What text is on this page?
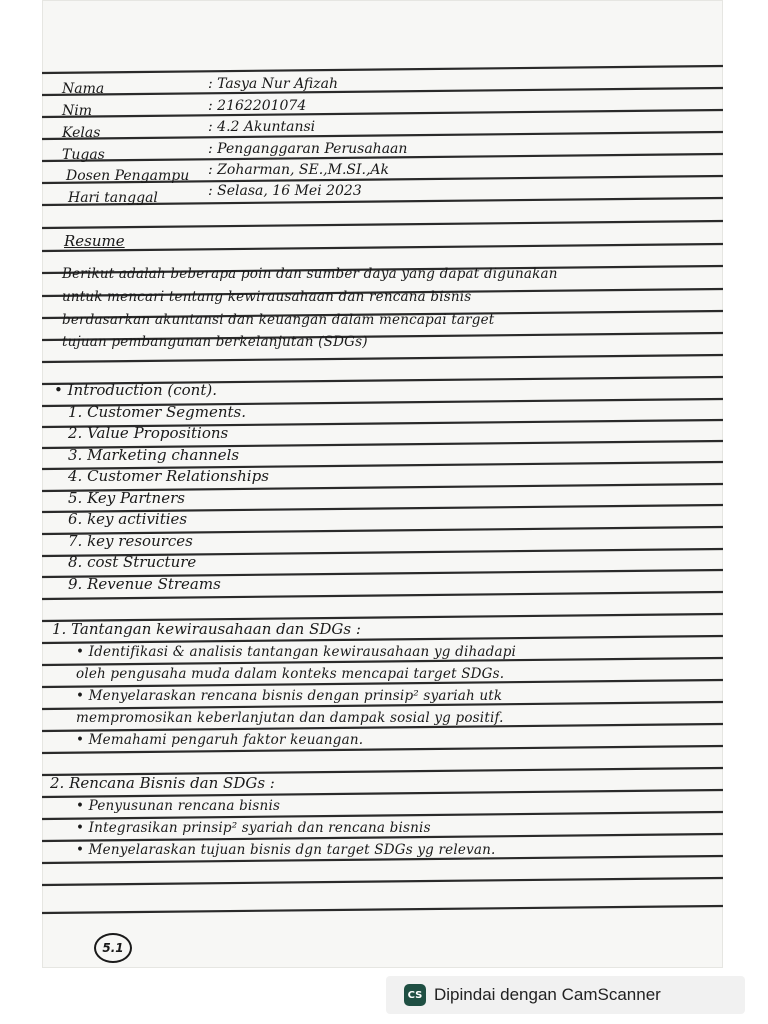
Nama	: Tasya Nur Afizah
Nim	: 2162201074
Kelas	: 4.2 Akuntansi
Tugas	: Penganggaran Perusahaan
Dosen Pengampu : Zoharman, SE.,M.SI.,Ak
Hari tanggal	: Selasa, 16 Mei 2023
Resume
Berikut adalah beberapa poin dan sumber daya yang dapat digunakan
untuk mencari tentang kewirausahaan dan rencana bisnis
berdasarkan akuntansi dan keuangan dalam mencapai target
tujuan pembangunan berkelanjutan (SDGs)
• Introduction (cont).
1. Customer Segments.
2. Value Propositions
3. Marketing channels
4. Customer Relationships
5. Key Partners
6. key activities
7. key resources
8. cost Structure
9. Revenue Streams
1. Tantangan kewirausahaan dan SDGs :
• Identifikasi & analisis tantangan kewirausahaan yg dihadapi
oleh pengusaha muda dalam konteks mencapai target SDGs.
• Menyelaraskan rencana bisnis dengan prinsip² syariah utk
mempromosikan keberlanjutan dan dampak sosial yg positif.
• Memahami pengaruh faktor keuangan.
2. Rencana Bisnis dan SDGs :
• Penyusunan rencana bisnis
• Integrasikan prinsip² syariah dan rencana bisnis
• Menyelaraskan tujuan bisnis dgn target SDGs yg relevan.
5.1
CS Dipindai dengan CamScanner
